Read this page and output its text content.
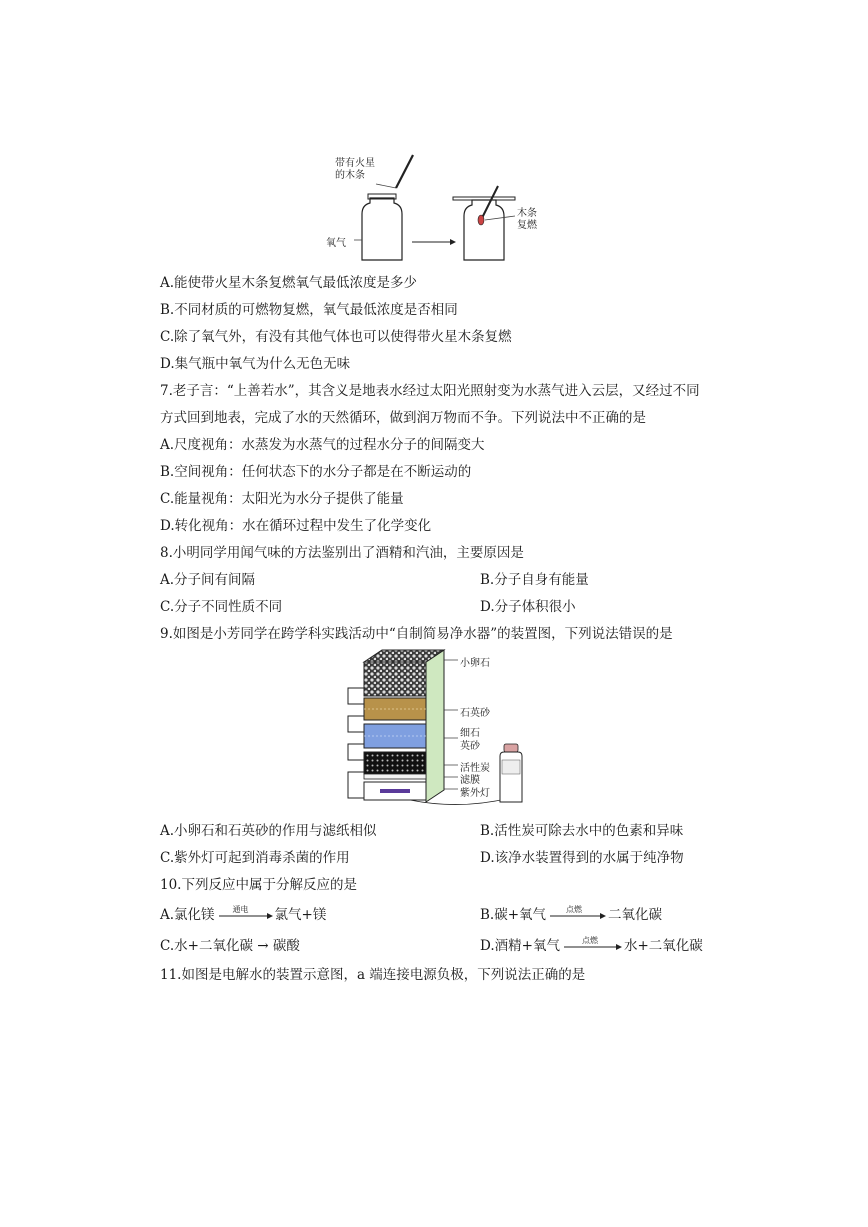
带有火星的木条
氧气
木条复燃
A.能使带火星木条复燃氧气最低浓度是多少
B.不同材质的可燃物复燃，氧气最低浓度是否相同
C.除了氧气外，有没有其他气体也可以使得带火星木条复燃
D.集气瓶中氧气为什么无色无味
7.老子言：“上善若水”，其含义是地表水经过太阳光照射变为水蒸气进入云层，又经过不同
方式回到地表，完成了水的天然循环，做到润万物而不争。下列说法中不正确的是
A.尺度视角：水蒸发为水蒸气的过程水分子的间隔变大
B.空间视角：任何状态下的水分子都是在不断运动的
C.能量视角：太阳光为水分子提供了能量
D.转化视角：水在循环过程中发生了化学变化
8.小明同学用闻气味的方法鉴别出了酒精和汽油，主要原因是
A.分子间有间隔	B.分子自身有能量
C.分子不同性质不同	D.分子体积很小
9.如图是小芳同学在跨学科实践活动中“自制简易净水器”的装置图，下列说法错误的是
小卵石
石英砂
细石
英砂
活性炭
滤膜
紫外灯
A.小卵石和石英砂的作用与滤纸相似	B.活性炭可除去水中的色素和异味
C.紫外灯可起到消毒杀菌的作用	D.该净水装置得到的水属于纯净物
10.下列反应中属于分解反应的是
A.氯化镁 通电 氯气+镁	B.碳+氧气	点燃 二氧化碳
C.水+二氧化碳 → 碳酸	D.酒精+氧气	点燃 水+二氧化碳
11.如图是电解水的装置示意图，a 端连接电源负极，下列说法正确的是
